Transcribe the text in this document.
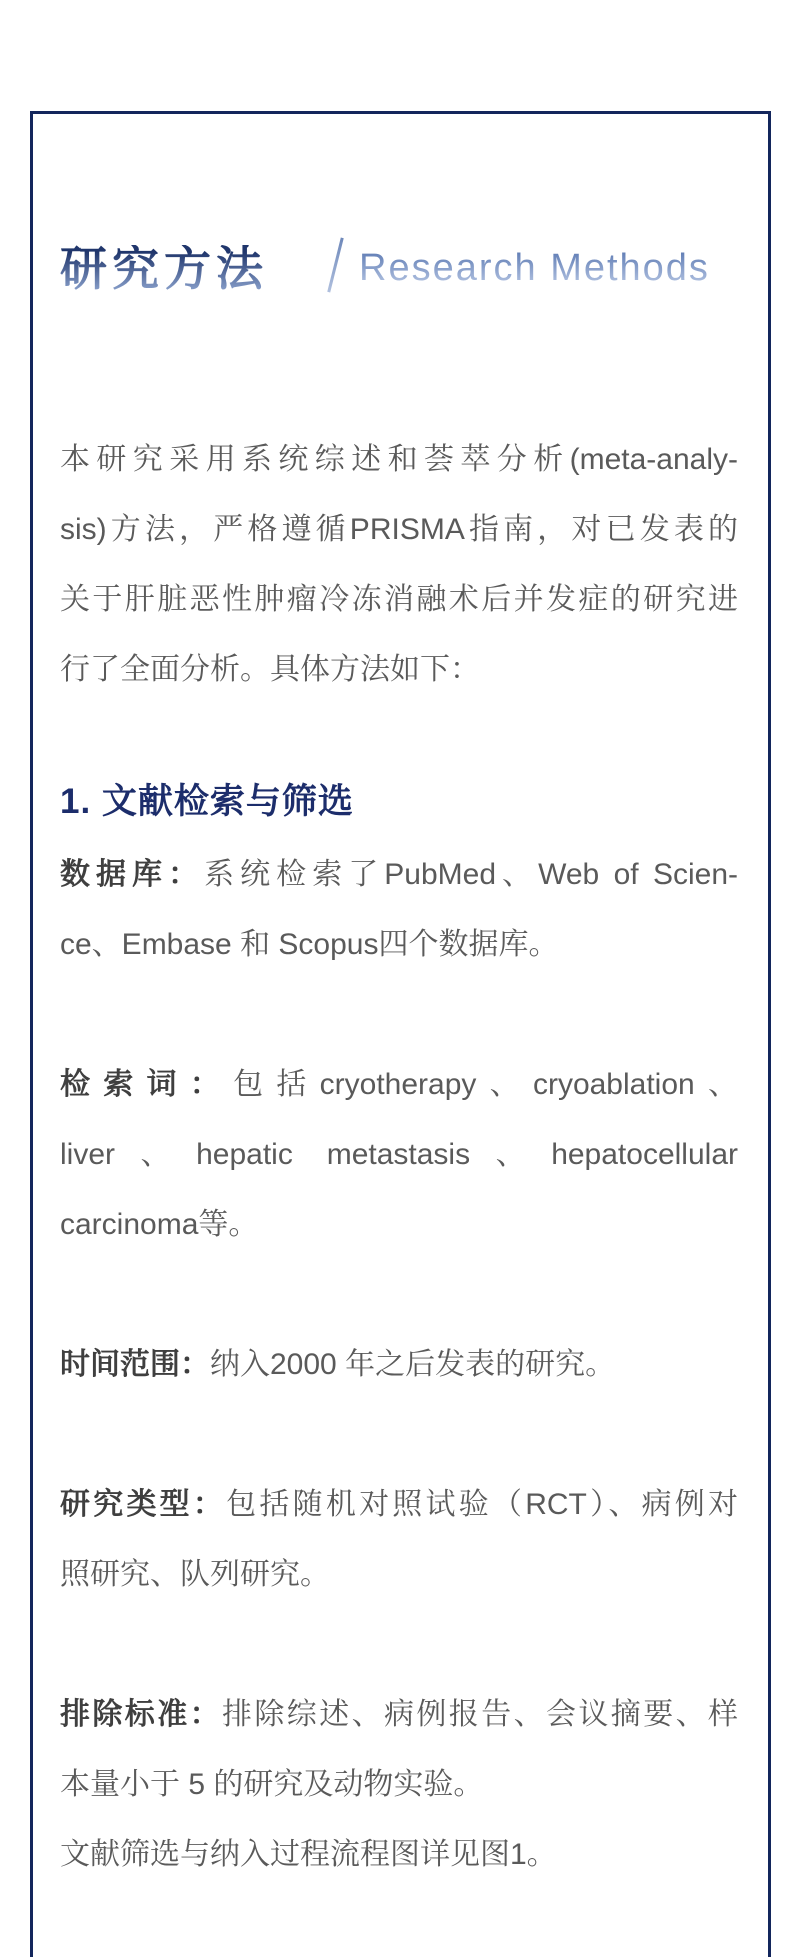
研究方法 Research Methods
本研究采用系统综述和荟萃分析(meta-analy-
sis)方法，严格遵循PRISMA指南，对已发表的
关于肝脏恶性肿瘤冷冻消融术后并发症的研究进
行了全面分析。具体方法如下：
1. 文献检索与筛选
数据库：系统检索了PubMed、Web of Scien-
ce、Embase 和 Scopus四个数据库。
检索词：包括cryotherapy、cryoablation、
liver、hepatic metastasis、hepatocellular
carcinoma等。
时间范围：纳入2000 年之后发表的研究。
研究类型：包括随机对照试验（RCT）、病例对
照研究、队列研究。
排除标准：排除综述、病例报告、会议摘要、样
本量小于 5 的研究及动物实验。
文献筛选与纳入过程流程图详见图1。
